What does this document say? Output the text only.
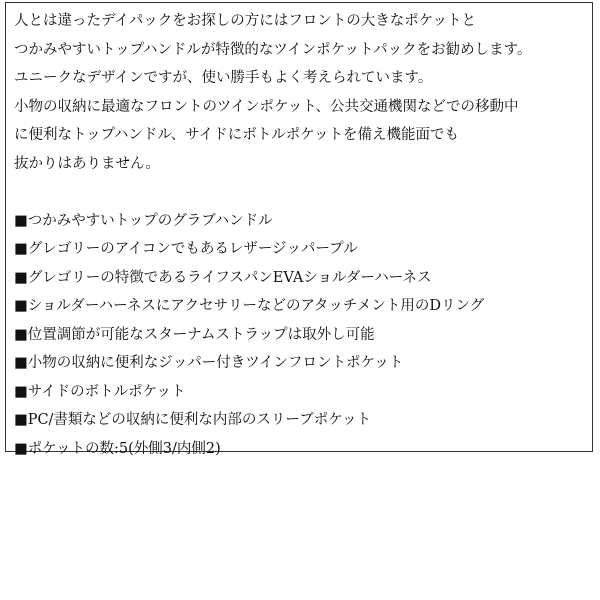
人とは違ったデイパックをお探しの方にはフロントの大きなポケットと
つかみやすいトップハンドルが特徴的なツインポケットパックをお勧めします。
ユニークなデザインですが、使い勝手もよく考えられています。
小物の収納に最適なフロントのツインポケット、公共交通機関などでの移動中
に便利なトップハンドル、サイドにボトルポケットを備え機能面でも
抜かりはありません。
■つかみやすいトップのグラブハンドル
■グレゴリーのアイコンでもあるレザージッパープル
■グレゴリーの特徴であるライフスパンEVAショルダーハーネス
■ショルダーハーネスにアクセサリーなどのアタッチメント用のDリング
■位置調節が可能なスターナムストラップは取外し可能
■小物の収納に便利なジッパー付きツインフロントポケット
■サイドのボトルポケット
■PC/書類などの収納に便利な内部のスリーブポケット
■ポケットの数:5(外側3/内側2)
